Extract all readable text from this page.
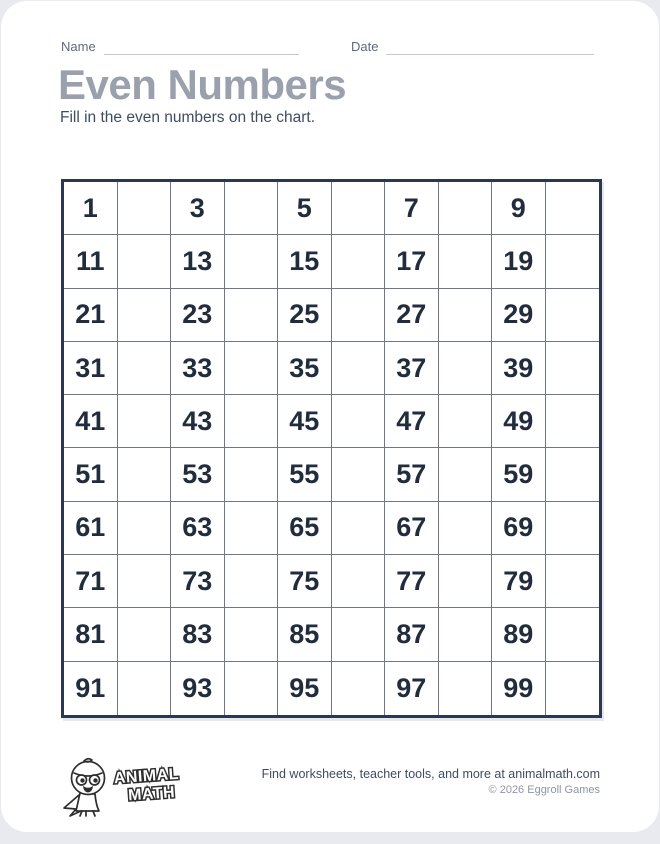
Name	Date
Even Numbers

Fill in the even numbers on the chart.

1	3	5	7	9
11	13	15	17	19
21	23	25	27	29
31	33	35	37	39
41	43	45	47	49
51	53	55	57	59
61	63	65	67	69
71	73	75	77	79
81	83	85	87	89
91	93	95	97	99
ANIMAL
MATH
Find worksheets, teacher tools, and more at animalmath.com
© 2026 Eggroll Games
